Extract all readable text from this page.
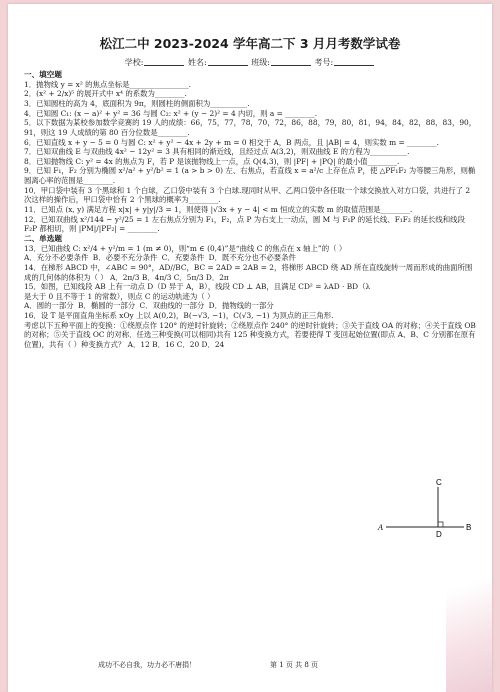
松江二中 2023-2024 学年高二下 3 月月考数学试卷
学校:	姓名:	班级:	考号:

一、填空题

1．抛物线 y = x² 的焦点坐标是________________.

2．(x² + 2/x)⁵ 的展开式中 x⁴ 的系数为________.

3．已知圆柱的高为 4，底面积为 9π，则圆柱的侧面积为__________.

4．已知圆 C₁: (x − a)² + y² = 36 与圆 C₂: x² + (y − 2)² = 4 内切，则 a = ________.

5．以下数据为某校参加数学竞赛的 19 人的成绩：66，75，77，78，70，72，86，88，79，80，81，94，84，82，88，83，90，91，则这 19 人成绩的第 80 百分位数是________.

6．已知直线 x + y − 5 = 0 与圆 C: x² + y² − 4x + 2y + m = 0 相交于 A，B 两点，且 |AB| = 4，则实数 m = ________.

7．已知双曲线 E 与双曲线 4x² − 12y² = 3 具有相同的渐近线，且经过点 A(3,2)，则双曲线 E 的方程为__________.

8．已知抛物线 C: y² = 4x 的焦点为 F，若 P 是该抛物线上一点，点 Q(4,3)，则 |PF| + |PQ| 的最小值________.

9．已知 F₁，F₂ 分别为椭圆 x²/a² + y²/b² = 1 (a > b > 0) 左、右焦点，若直线 x = a²/c 上存在点 P，使 △PF₁F₂ 为等腰三角形，则椭圆离心率的范围是________.

10．甲口袋中装有 3 个黑球和 1 个白球，乙口袋中装有 3 个白球.现同时从甲、乙两口袋中各任取一个球交换放入对方口袋，共进行了 2 次这样的操作后，甲口袋中恰有 2 个黑球的概率为________.

11．已知点 (x, y) 满足方程 x|x| + y|y|/3 = 1，则使得 |√3x + y − 4| < m 恒成立的实数 m 的取值范围是________.

12．已知双曲线 x²/144 − y²/25 = 1 左右焦点分别为 F₁，F₂，点 P 为右支上一动点，圆 M 与 F₁P 的延长线、F₁F₂ 的延长线和线段 F₂P 都相切，则 |PM|/|PF₂| = ________.

二、单选题

13．已知曲线 C: x²/4 + y²/m = 1 (m ≠ 0)，则“m ∈ (0,4)”是“曲线 C 的焦点在 x 轴上”的（ ）

A．充分不必要条件 B．必要不充分条件 C．充要条件 D．既不充分也不必要条件

14．在梯形 ABCD 中，∠ABC = 90°，AD//BC，BC = 2AD = 2AB = 2，将梯形 ABCD 绕 AD 所在直线旋转一周而形成的曲面所围成的几何体的体积为（ ） A．2π/3 B．4π/3 C．5π/3 D．2π

15．如图，已知线段 AB 上有一动点 D（D 异于 A，B），线段 CD ⊥ AB，且满足 CD² = λAD · BD（λ 是大于 0 且不等于 1 的常数），则点 C 的运动轨迹为（ ）

A．圆的一部分 B．椭圆的一部分 C．双曲线的一部分 D．抛物线的一部分

16．设 T 是平面直角坐标系 xOy 上以 A(0,2)，B(−√3, −1)，C(√3, −1) 为顶点的正三角形.

考虑以下五种平面上的变换：①绕原点作 120° 的逆时针旋转；②绕原点作 240° 的逆时针旋转；③关于直线 OA 的对称；④关于直线 OB 的对称；⑤关于直线 OC 的对称．任选三种变换(可以相同)共有 125 种变换方式，若要使得 T 变回起始位置(即点 A、B、C 分别都在原有位置)，共有（ ）种变换方式？ A．12 B．16 C．20 D．24

C
A
D
B
成功不必自我，功力必不唐捐！	第 1 页 共 8 页
